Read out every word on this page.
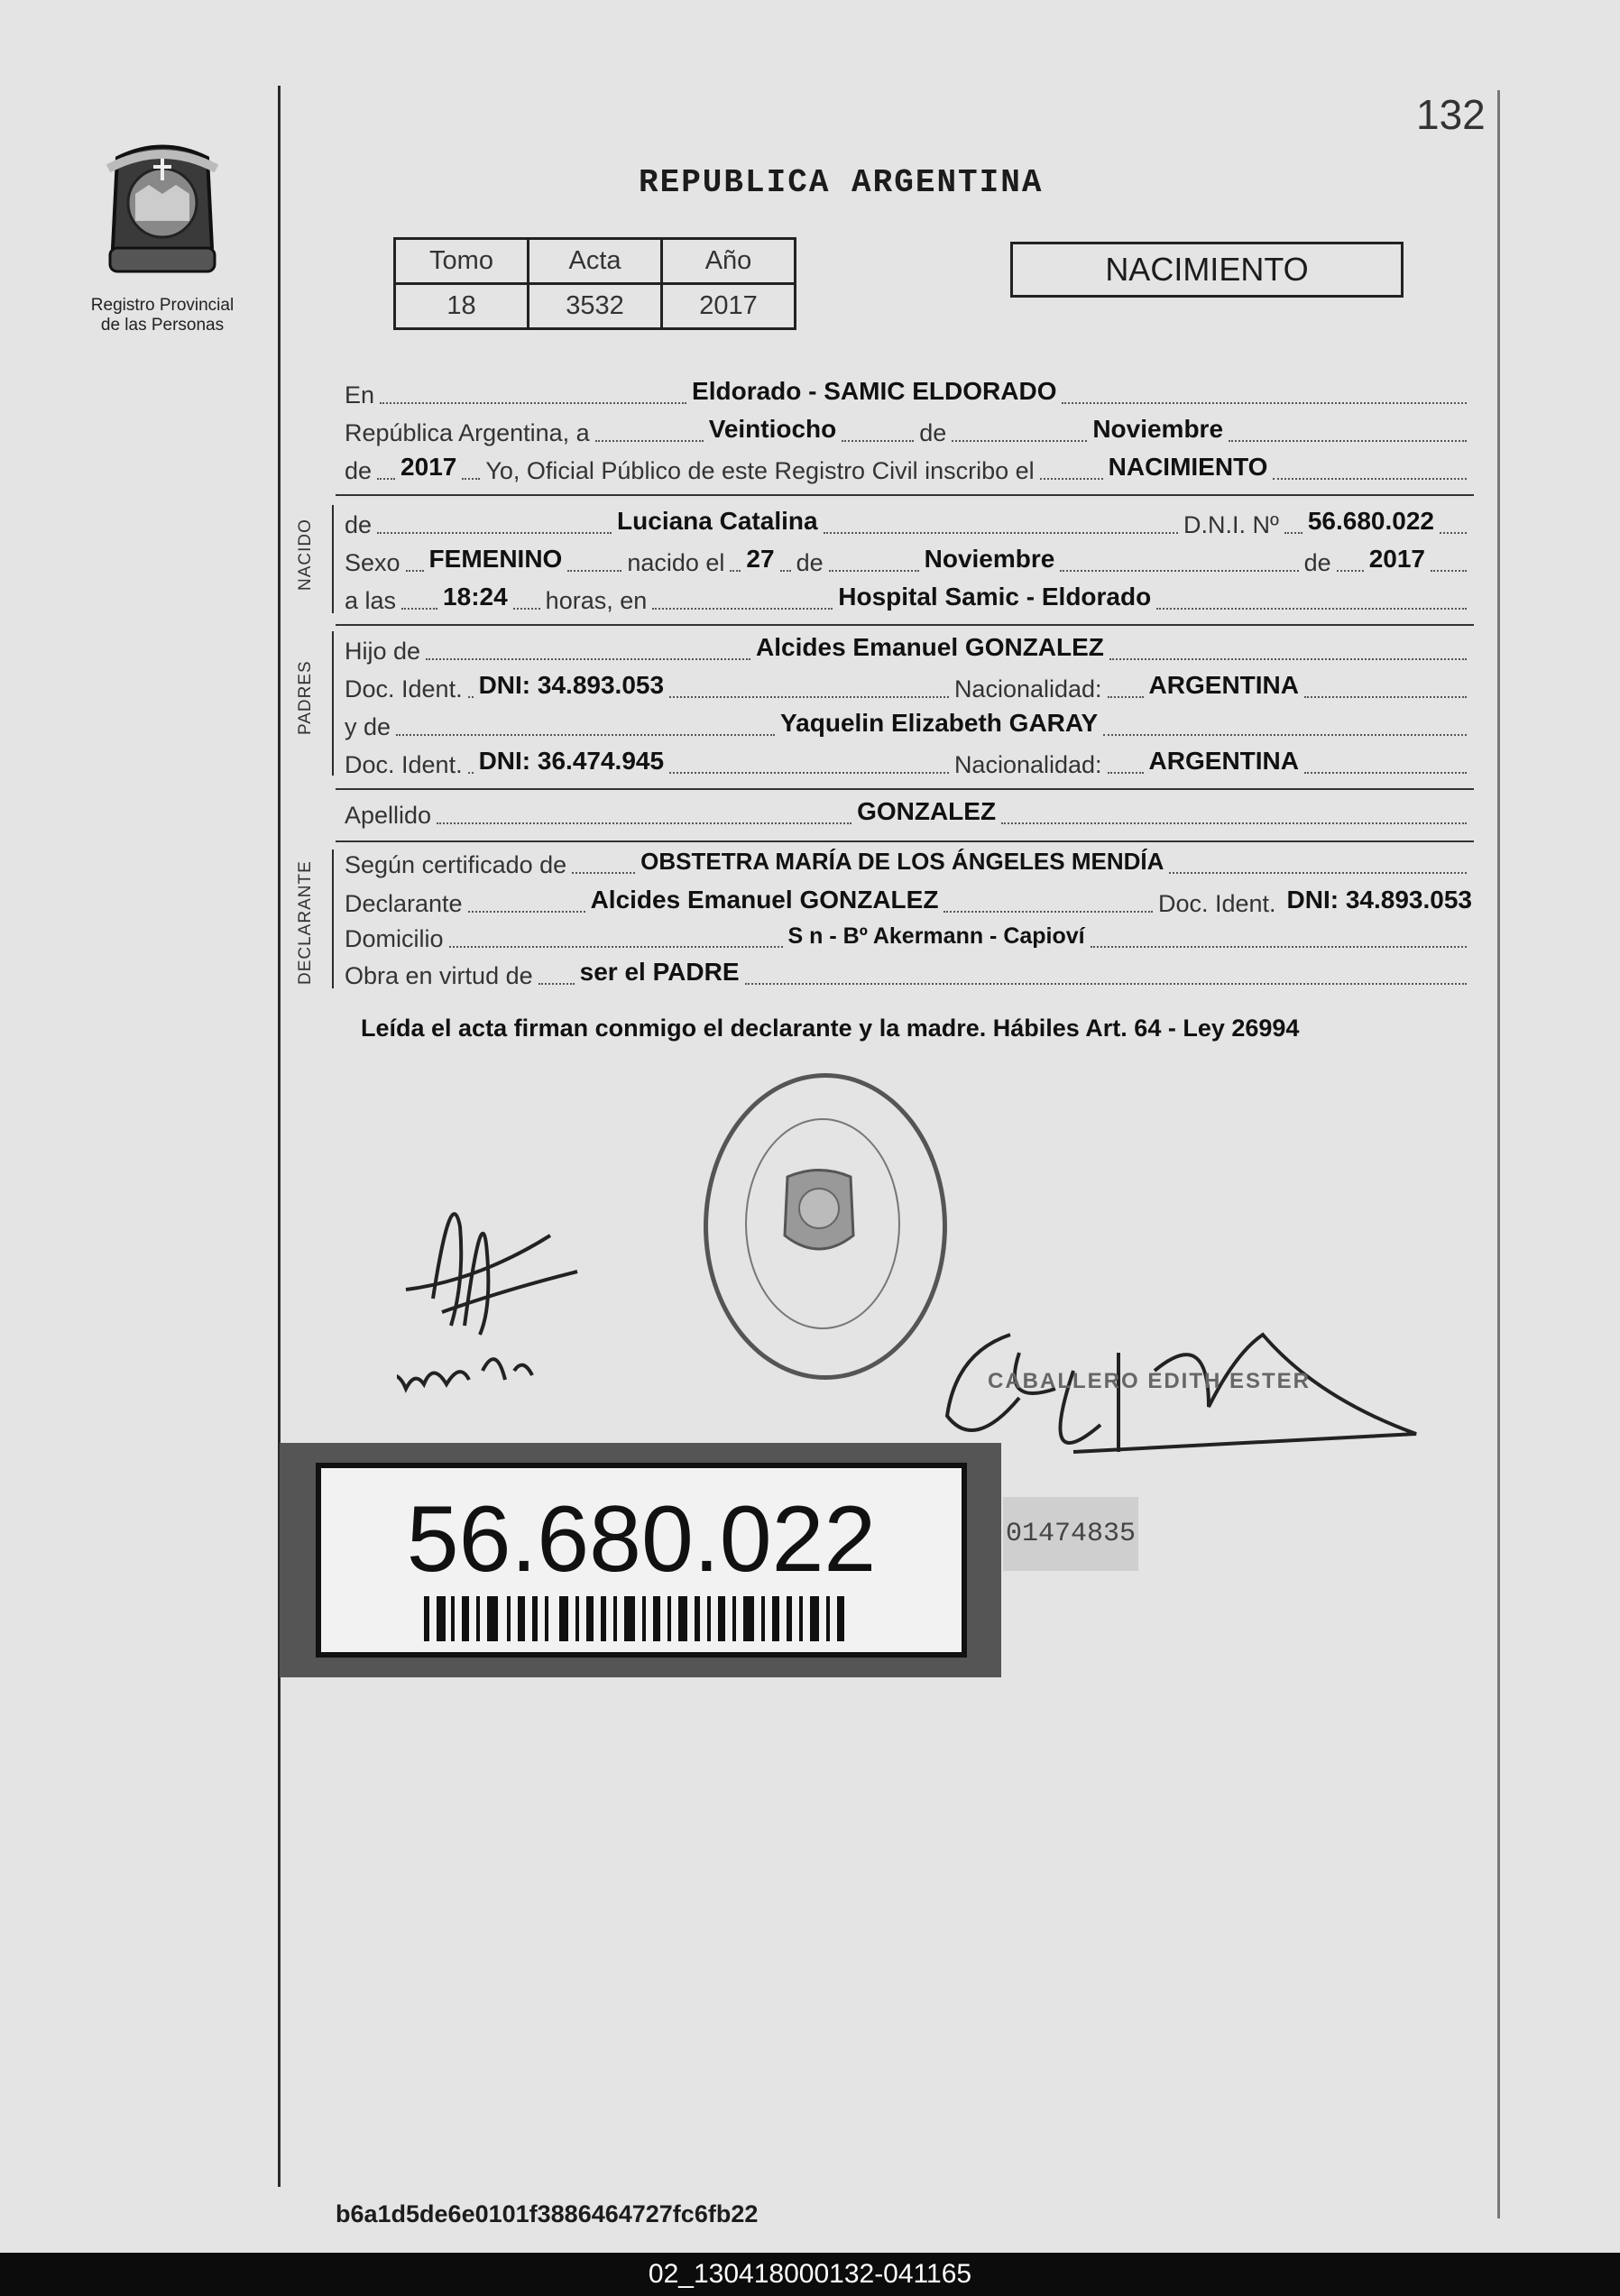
132
Registro Provincial
de las Personas
REPUBLICA ARGENTINA
Tomo	Acta	Año
18	3532	2017
NACIMIENTO
En	Eldorado - SAMIC ELDORADO
República Argentina, a	Veintiocho	de	Noviembre
de 2017 Yo, Oficial Público de este Registro Civil inscribo el	NACIMIENTO
NACIDO de	Luciana Catalina	D.N.I. Nº 56.680.022
Sexo FEMENINO	nacido el 27 de	Noviembre	de 2017
a las 18:24 horas, en	Hospital Samic - Eldorado
PADRES
Hijo de	Alcides Emanuel GONZALEZ
Doc. Ident. DNI: 34.893.053	Nacionalidad: ARGENTINA
y de	Yaquelin Elizabeth GARAY
Doc. Ident. DNI: 36.474.945	Nacionalidad: ARGENTINA
Apellido	GONZALEZ
DECLARANTE Según certificado de	OBSTETRA MARÍA DE LOS ÁNGELES MENDÍA
Declarante	Alcides Emanuel GONZALEZ	Doc. Ident. DNI: 34.893.053
Domicilio	S n - Bº Akermann - Capioví
Obra en virtud de ser el PADRE
Leída el acta firman conmigo el declarante y la madre. Hábiles Art. 64 - Ley 26994
CABALLERO EDITH ESTER
56.680.022	01474835
b6a1d5de6e0101f3886464727fc6fb22
02_130418000132-041165
